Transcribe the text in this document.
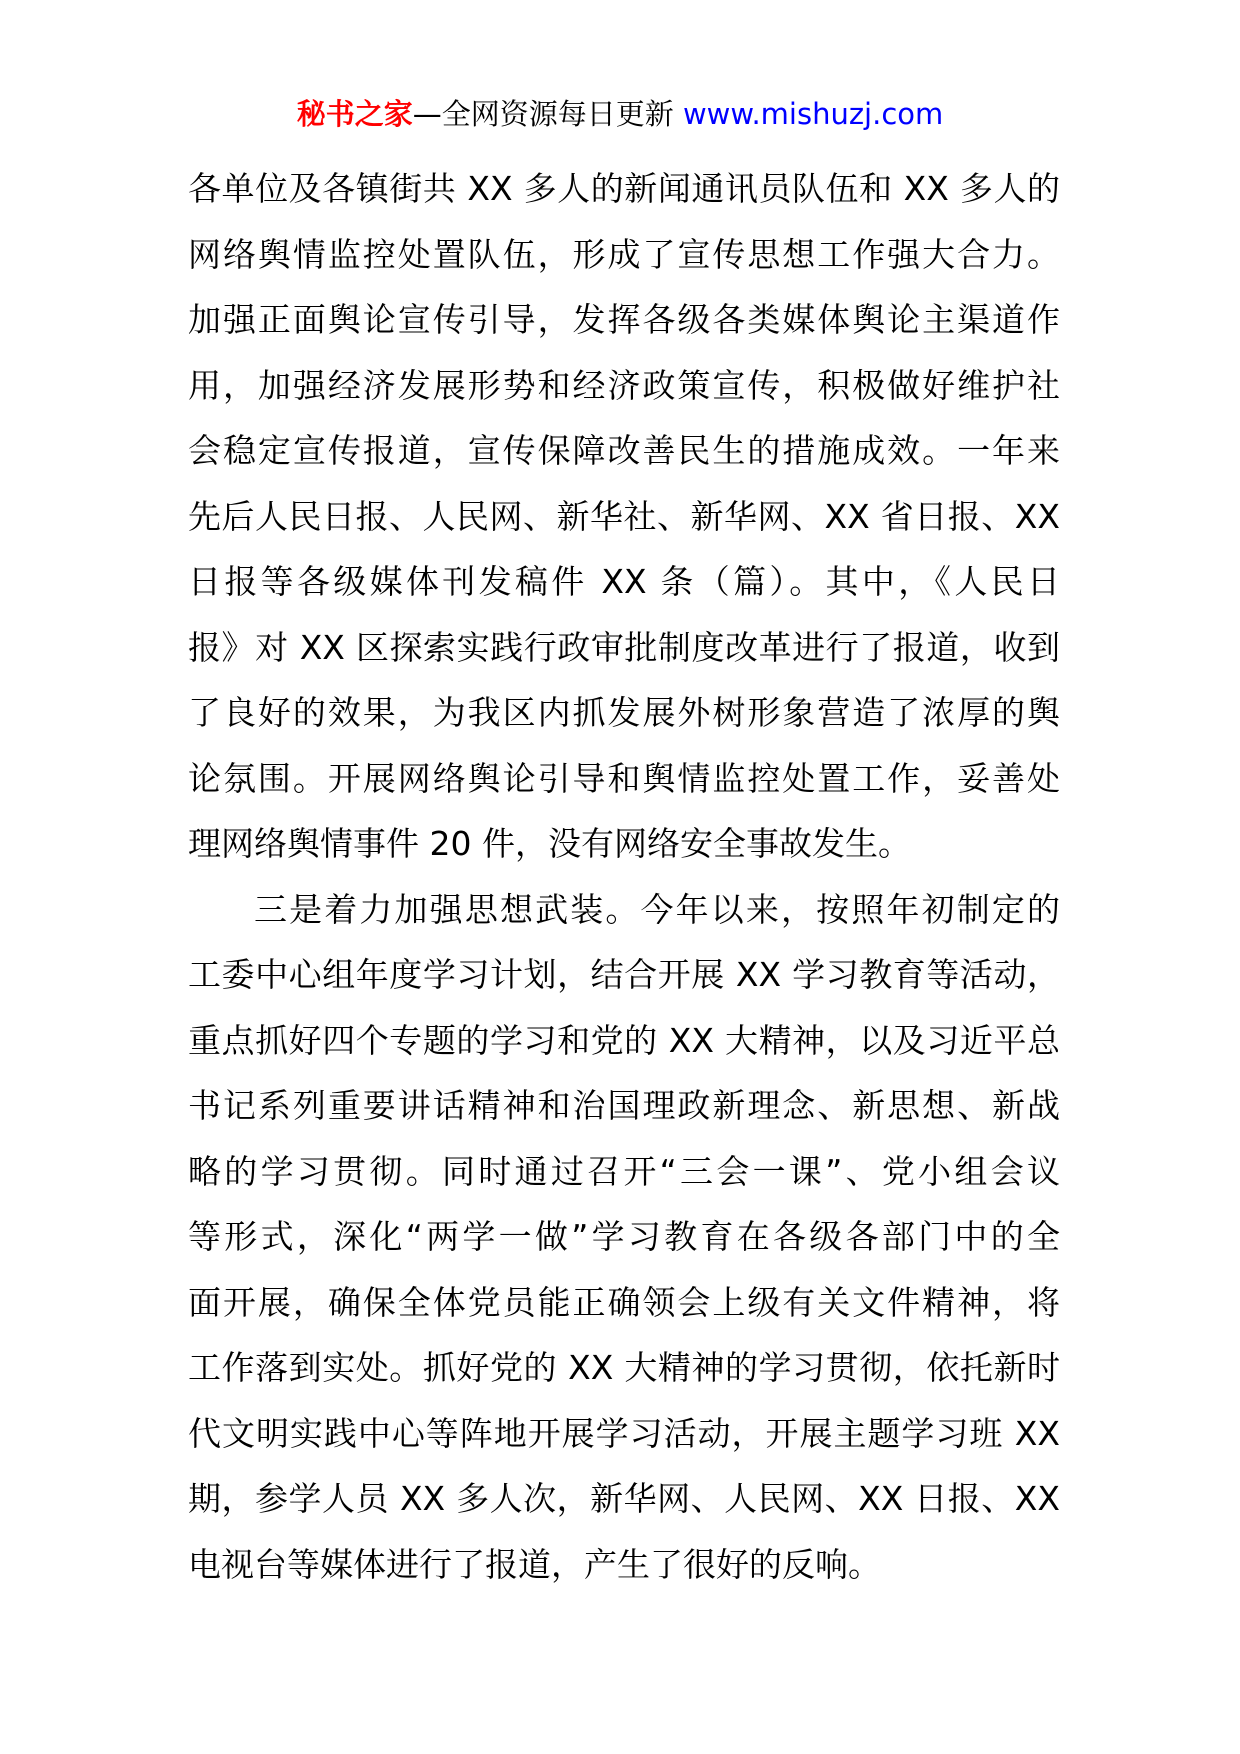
秘书之家—全网资源每日更新 www.mishuzj.com
各单位及各镇街共 XX 多人的新闻通讯员队伍和 XX 多人的
网络舆情监控处置队伍，形成了宣传思想工作强大合力。
加强正面舆论宣传引导，发挥各级各类媒体舆论主渠道作
用，加强经济发展形势和经济政策宣传，积极做好维护社
会稳定宣传报道，宣传保障改善民生的措施成效。一年来
先后人民日报、人民网、新华社、新华网、XX 省日报、XX
日报等各级媒体刊发稿件 XX 条（篇）。其中，《人民日
报》对 XX 区探索实践行政审批制度改革进行了报道，收到
了良好的效果，为我区内抓发展外树形象营造了浓厚的舆
论氛围。开展网络舆论引导和舆情监控处置工作，妥善处
理网络舆情事件 20 件，没有网络安全事故发生。
三是着力加强思想武装。今年以来，按照年初制定的
工委中心组年度学习计划，结合开展 XX 学习教育等活动，
重点抓好四个专题的学习和党的 XX 大精神，以及习近平总
书记系列重要讲话精神和治国理政新理念、新思想、新战
略的学习贯彻。同时通过召开“三会一课”、党小组会议
等形式，深化“两学一做”学习教育在各级各部门中的全
面开展，确保全体党员能正确领会上级有关文件精神，将
工作落到实处。抓好党的 XX 大精神的学习贯彻，依托新时
代文明实践中心等阵地开展学习活动，开展主题学习班 XX
期，参学人员 XX 多人次，新华网、人民网、XX 日报、XX
电视台等媒体进行了报道，产生了很好的反响。
